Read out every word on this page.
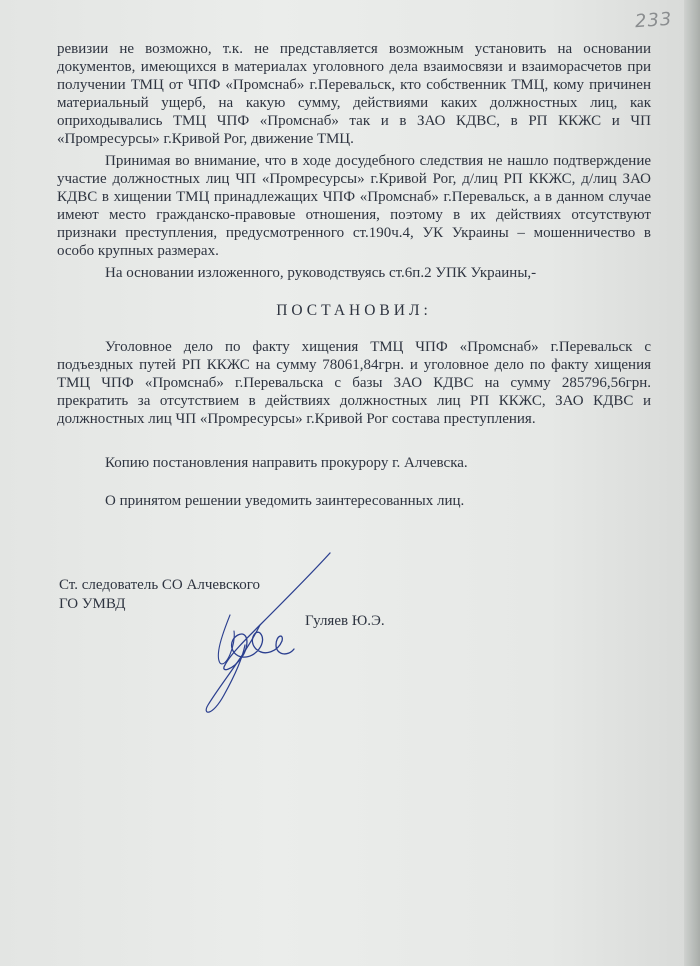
233

ревизии не возможно, т.к. не представляется возможным установить на основании документов, имеющихся в материалах уголовного дела взаимосвязи и взаиморасчетов при получении ТМЦ от ЧПФ «Промснаб» г.Перевальск, кто собственник ТМЦ, кому причинен материальный ущерб, на какую сумму, действиями каких должностных лиц, как оприходывались ТМЦ ЧПФ «Промснаб» так и в ЗАО КДВС, в РП ККЖС и ЧП «Промресурсы» г.Кривой Рог, движение ТМЦ.

Принимая во внимание, что в ходе досудебного следствия не нашло подтверждение участие должностных лиц ЧП «Промресурсы» г.Кривой Рог, д/лиц РП ККЖС, д/лиц ЗАО КДВС в хищении ТМЦ принадлежащих ЧПФ «Промснаб» г.Перевальск, а в данном случае имеют место гражданско-правовые отношения, поэтому в их действиях отсутствуют признаки преступления, предусмотренного ст.190ч.4, УК Украины – мошенничество в особо крупных размерах.

На основании изложенного, руководствуясь ст.6п.2 УПК Украины,-

ПОСТАНОВИЛ:

Уголовное дело по факту хищения ТМЦ ЧПФ «Промснаб» г.Перевальск с подъездных путей РП ККЖС на сумму 78061,84грн. и уголовное дело по факту хищения ТМЦ ЧПФ «Промснаб» г.Перевальска с базы ЗАО КДВС на сумму 285796,56грн. прекратить за отсутствием в действиях должностных лиц РП ККЖС, ЗАО КДВС и должностных лиц ЧП «Промресурсы» г.Кривой Рог состава преступления.

Копию постановления направить прокурору г. Алчевска.

О принятом решении уведомить заинтересованных лиц.

Ст. следователь СО Алчевского
ГО УМВД
Гуляев Ю.Э.
